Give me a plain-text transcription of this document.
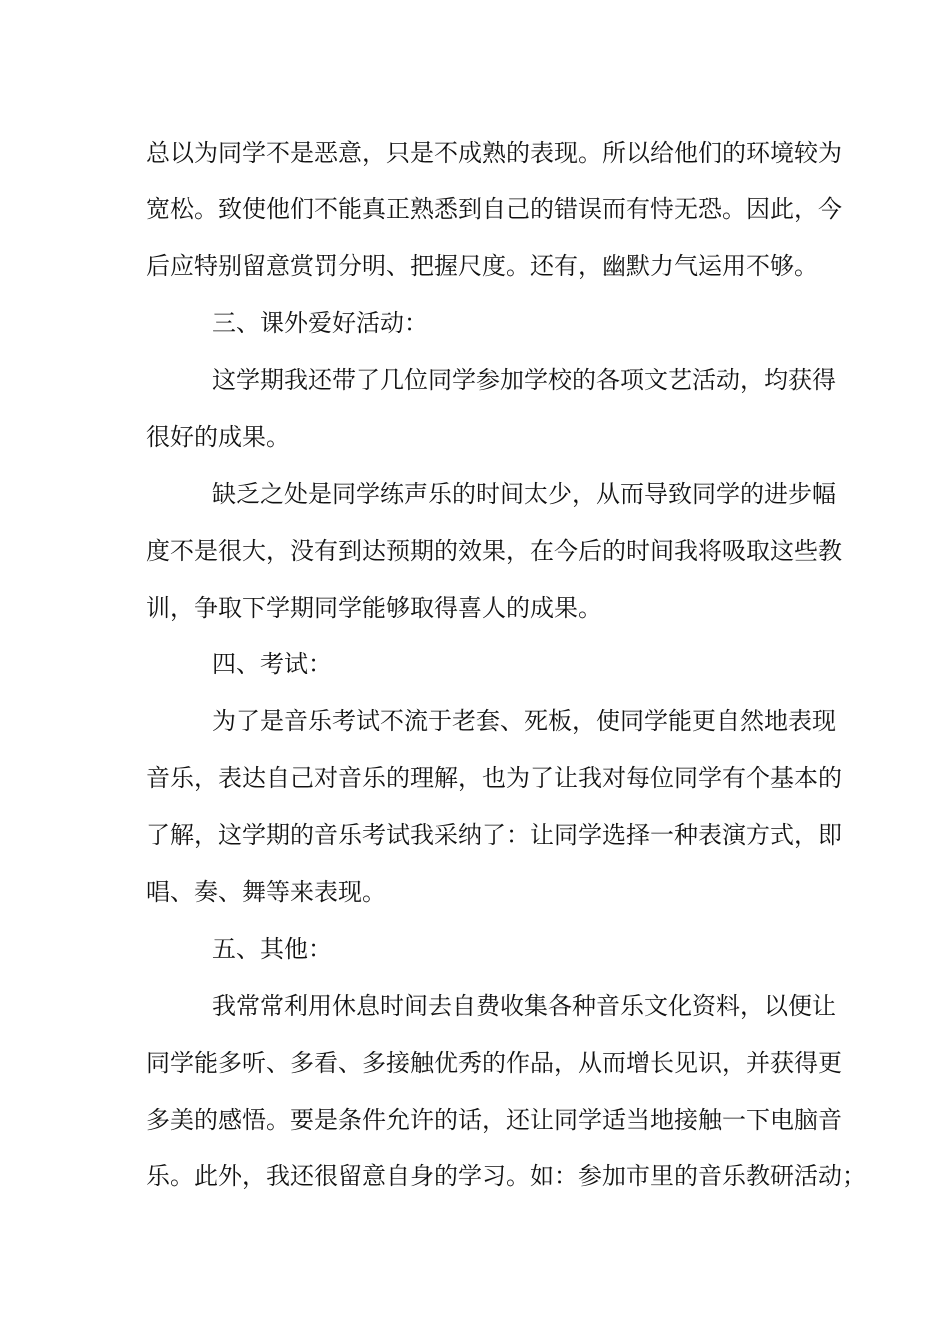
总以为同学不是恶意，只是不成熟的表现。所以给他们的环境较为
宽松。致使他们不能真正熟悉到自己的错误而有恃无恐。因此，今
后应特别留意赏罚分明、把握尺度。还有，幽默力气运用不够。
三、课外爱好活动：
这学期我还带了几位同学参加学校的各项文艺活动，均获得
很好的成果。
缺乏之处是同学练声乐的时间太少，从而导致同学的进步幅
度不是很大，没有到达预期的效果，在今后的时间我将吸取这些教
训，争取下学期同学能够取得喜人的成果。
四、考试：
为了是音乐考试不流于老套、死板，使同学能更自然地表现
音乐，表达自己对音乐的理解，也为了让我对每位同学有个基本的
了解，这学期的音乐考试我采纳了：让同学选择一种表演方式，即
唱、奏、舞等来表现。
五、其他：
我常常利用休息时间去自费收集各种音乐文化资料，以便让
同学能多听、多看、多接触优秀的作品，从而增长见识，并获得更
多美的感悟。要是条件允许的话，还让同学适当地接触一下电脑音
乐。此外，我还很留意自身的学习。如：参加市里的音乐教研活动；
